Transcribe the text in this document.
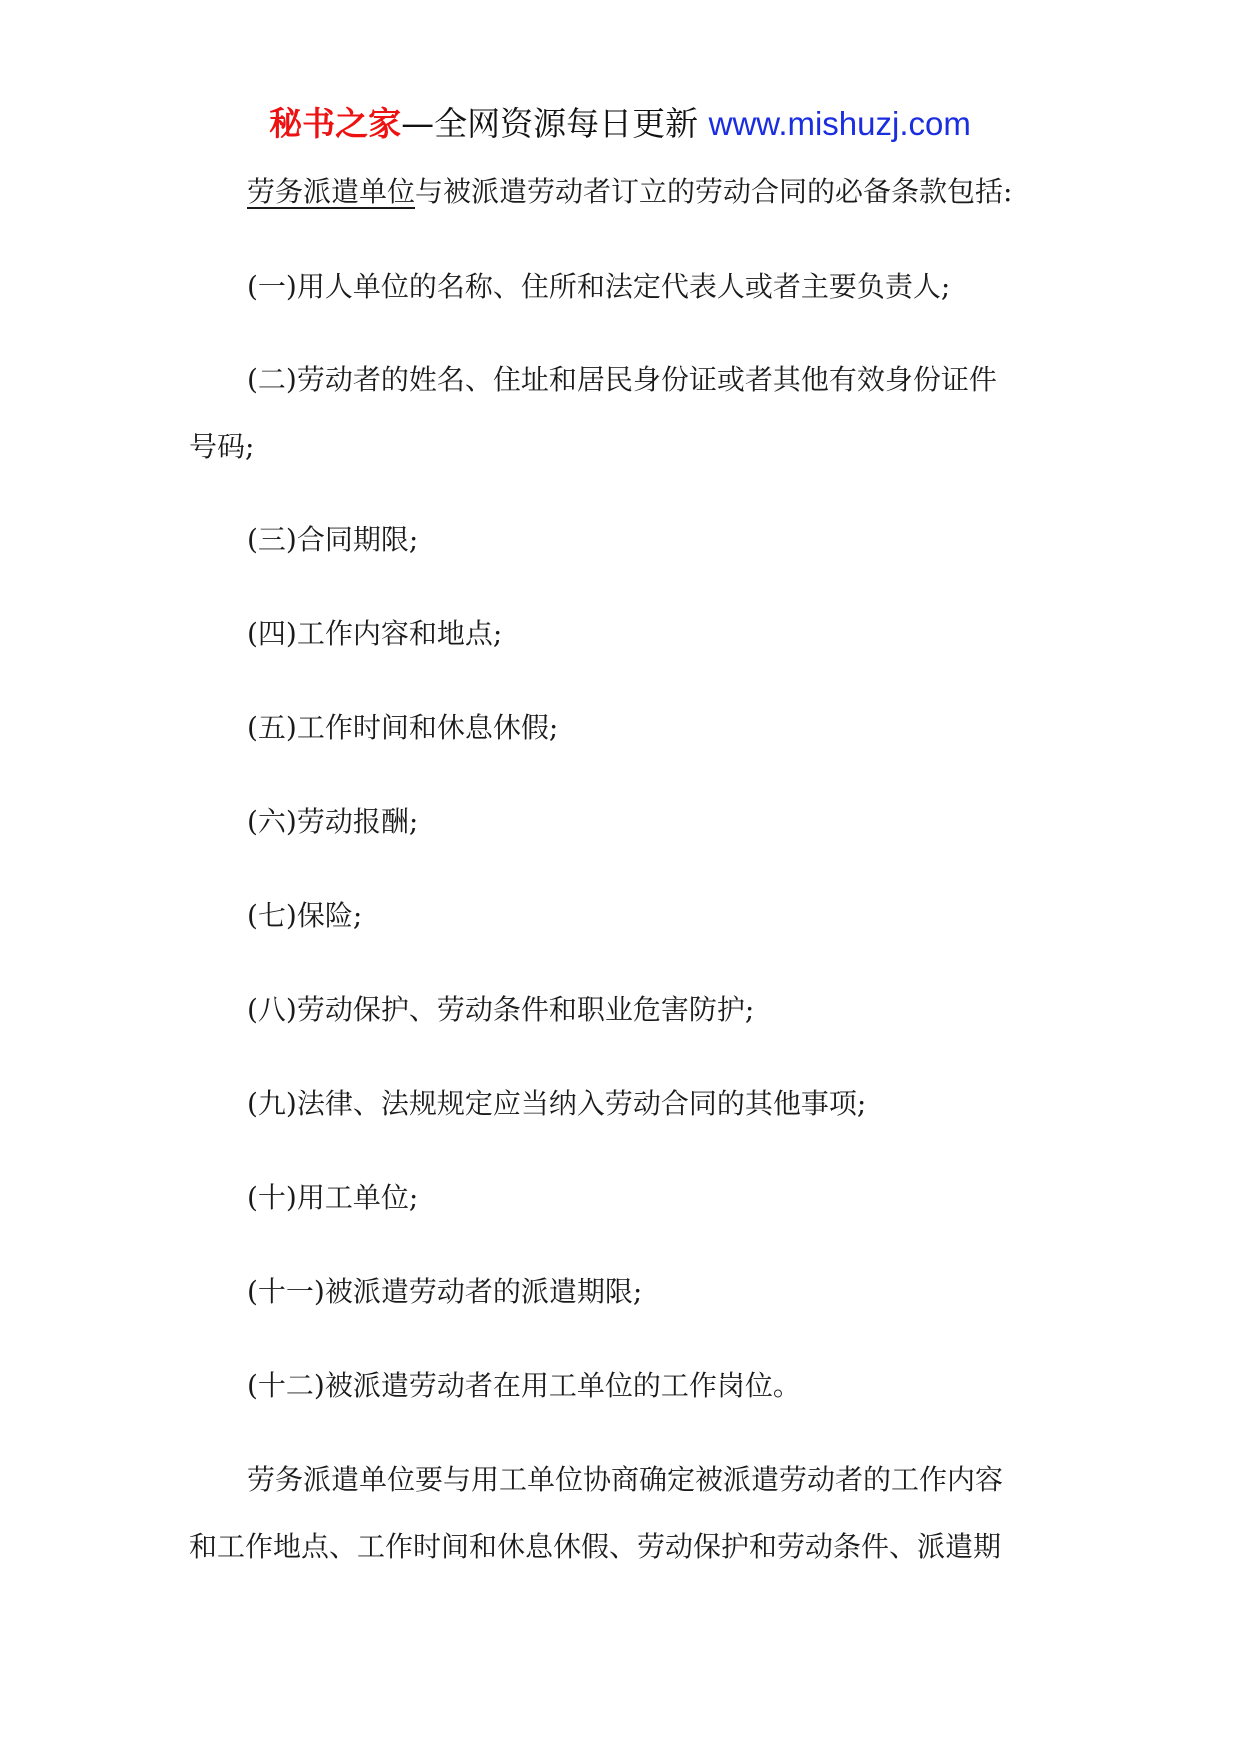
秘书之家—全网资源每日更新 www.mishuzj.com
劳务派遣单位与被派遣劳动者订立的劳动合同的必备条款包括:
(一)用人单位的名称、住所和法定代表人或者主要负责人;
(二)劳动者的姓名、住址和居民身份证或者其他有效身份证件
号码;
(三)合同期限;
(四)工作内容和地点;
(五)工作时间和休息休假;
(六)劳动报酬;
(七)保险;
(八)劳动保护、劳动条件和职业危害防护;
(九)法律、法规规定应当纳入劳动合同的其他事项;
(十)用工单位;
(十一)被派遣劳动者的派遣期限;
(十二)被派遣劳动者在用工单位的工作岗位。
劳务派遣单位要与用工单位协商确定被派遣劳动者的工作内容
和工作地点、工作时间和休息休假、劳动保护和劳动条件、派遣期
